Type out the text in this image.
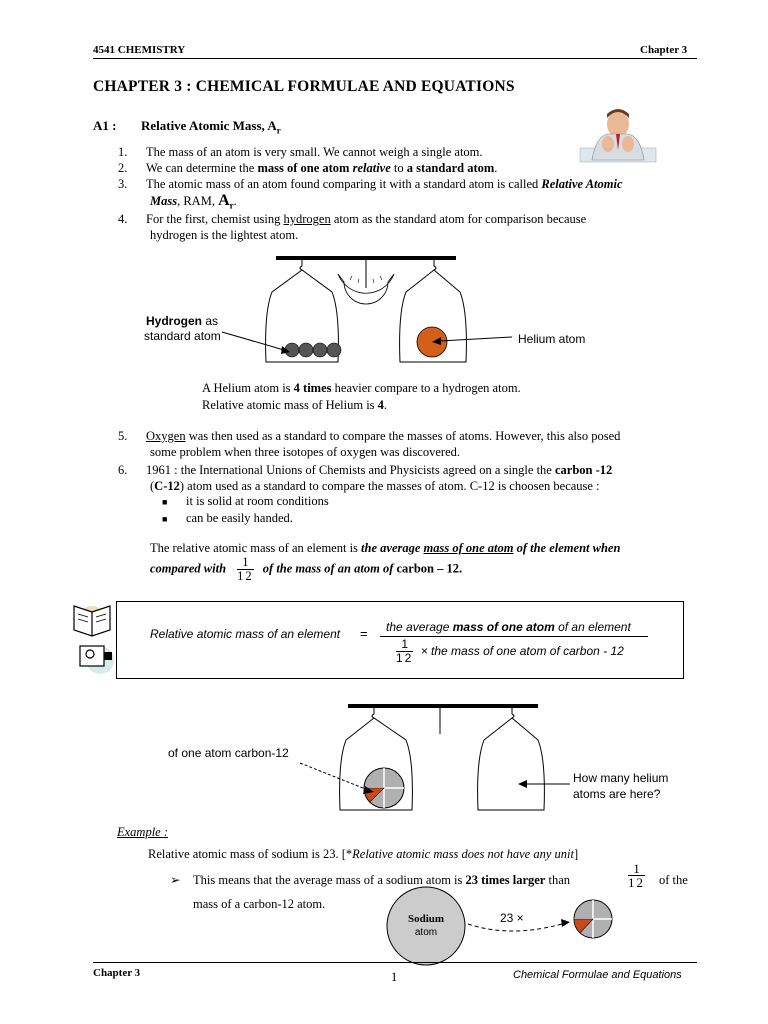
4541 CHEMISTRY	Chapter 3
CHAPTER 3 : CHEMICAL FORMULAE AND EQUATIONS
A1 : Relative Atomic Mass, $A_r$
1. The mass of an atom is very small. We cannot weigh a single atom.
2. We can determine the mass of one atom relative to a standard atom.
3. The atomic mass of an atom found comparing it with a standard atom is called Relative Atomic
Mass, RAM, $A_r$.
4. For the first, chemist using hydrogen atom as the standard atom for comparison because
hydrogen is the lightest atom.
Hydrogen as
standard atom	Helium atom
A Helium atom is 4 times heavier compare to a hydrogen atom.
Relative atomic mass of Helium is 4.
5. Oxygen was then used as a standard to compare the masses of atoms. However, this also posed
some problem when three isotopes of oxygen was discovered.
6. 1961 : the International Unions of Chemists and Physicists agreed on a single the carbon -12
(C-12) atom used as a standard to compare the masses of atom. C-12 is choosen because :
■ it is solid at room conditions
■ can be easily handed.
The relative atomic mass of an element is the average mass of one atom of the element when
compared with $\frac{1}{12}$ of the mass of an atom of carbon – 12.
Relative atomic mass of an element = the average mass of one atom of an element
$\frac{1}{12}$ × the mass of one atom of carbon - 12
of one atom carbon-12
How many helium
atoms are here?
Example :
Relative atomic mass of sodium is 23. [*Relative atomic mass does not have any unit]
➢ This means that the average mass of a sodium atom is 23 times larger than	$\frac{1}{12}$ of the
mass of a carbon-12 atom.
Sodium
atom
23 ×
Chapter 3	1	Chemical Formulae and Equations
